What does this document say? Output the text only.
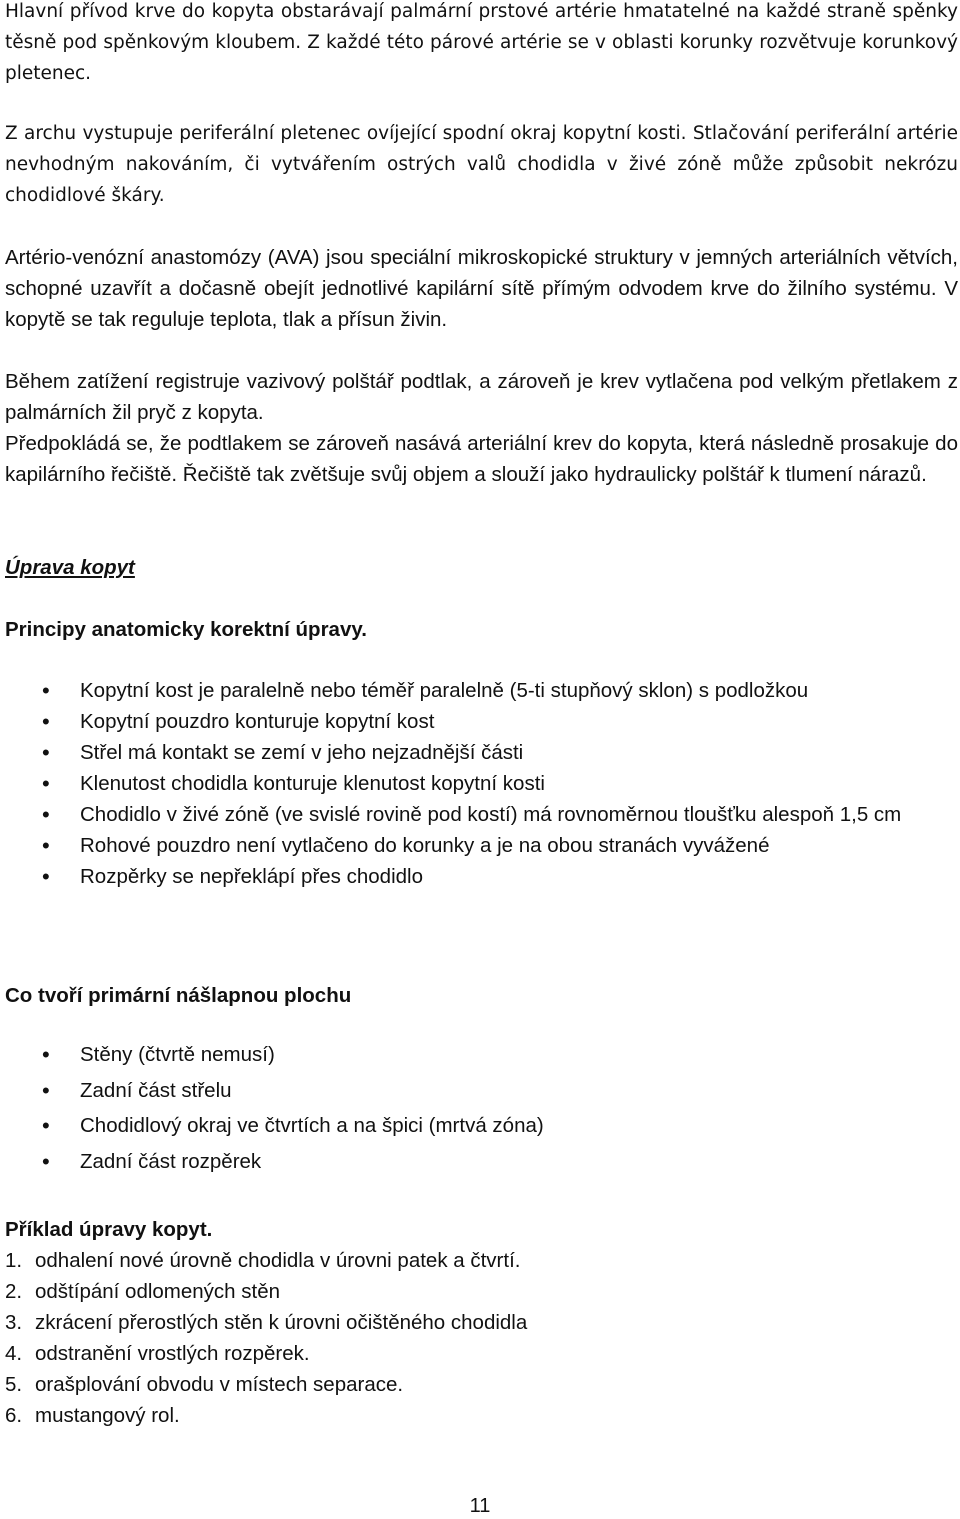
Hlavní přívod krve do kopyta obstarávají palmární prstové artérie hmatatelné na každé straně spěnky těsně pod spěnkovým kloubem. Z každé této párové artérie se v oblasti korunky rozvětvuje korunkový pletenec.

Z archu vystupuje periferální pletenec ovíjející spodní okraj kopytní kosti. Stlačování periferální artérie nevhodným nakováním, či vytvářením ostrých valů chodidla v živé zóně může způsobit nekrózu chodidlové škáry.

Artério-venózní anastomózy (AVA) jsou speciální mikroskopické struktury v jemných arteriálních větvích, schopné uzavřít a dočasně obejít jednotlivé kapilární sítě přímým odvodem krve do žilního systému. V kopytě se tak reguluje teplota, tlak a přísun živin.

Během zatížení registruje vazivový polštář podtlak, a zároveň je krev vytlačena pod velkým přetlakem z palmárních žil pryč z kopyta.

Předpokládá se, že podtlakem se zároveň nasává arteriální krev do kopyta, která následně prosakuje do kapilárního řečiště. Řečiště tak zvětšuje svůj objem a slouží jako hydraulicky polštář k tlumení nárazů.

Úprava kopyt
Principy anatomicky korektní úpravy.
• Kopytní kost je paralelně nebo téměř paralelně (5-ti stupňový sklon) s podložkou
• Kopytní pouzdro konturuje kopytní kost
• Střel má kontakt se zemí v jeho nejzadnější části
• Klenutost chodidla konturuje klenutost kopytní kosti
• Chodidlo v živé zóně (ve svislé rovině pod kostí) má rovnoměrnou tloušťku alespoň 1,5 cm
• Rohové pouzdro není vytlačeno do korunky a je na obou stranách vyvážené
• Rozpěrky se nepřeklápí přes chodidlo
Co tvoří primární nášlapnou plochu
• Stěny (čtvrtě nemusí)
• Zadní část střelu
• Chodidlový okraj ve čtvrtích a na špici (mrtvá zóna)
• Zadní část rozpěrek
Příklad úpravy kopyt.
1. odhalení nové úrovně chodidla v úrovni patek a čtvrtí.
2. odštípání odlomených stěn
3. zkrácení přerostlých stěn k úrovni očištěného chodidla
4. odstranění vrostlých rozpěrek.
5. orašplování obvodu v místech separace.
6. mustangový rol.
11
